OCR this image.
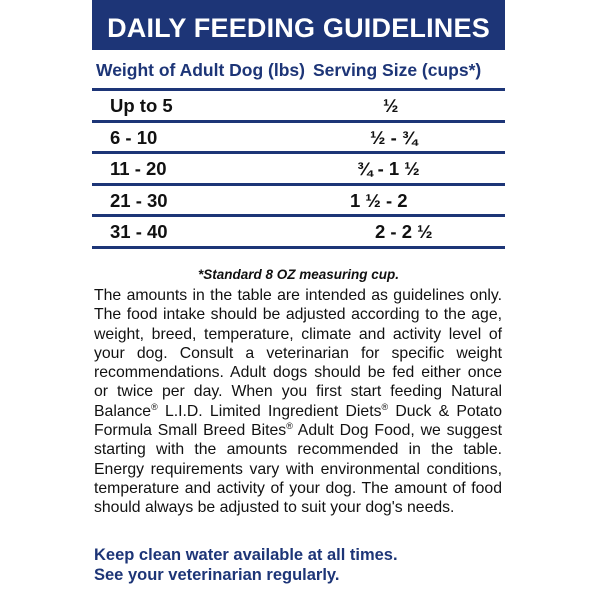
DAILY FEEDING GUIDELINES
Weight of Adult Dog (lbs) Serving Size (cups*)
Up to 5	½
6 - 10	½ - ¾
11 - 20	¾ - 1 ½
21 - 30	1 ½ - 2
31 - 40	2 - 2 ½
*Standard 8 OZ measuring cup.
The amounts in the table are intended as guidelines only. The food intake should be adjusted according to the age, weight, breed, temperature, climate and activity level of your dog. Consult a veterinarian for specific weight recommendations. Adult dogs should be fed either once or twice per day. When you first start feeding Natural Balance® L.I.D. Limited Ingredient Diets® Duck & Potato Formula Small Breed Bites® Adult Dog Food, we suggest starting with the amounts recommended in the table. Energy requirements vary with environmental conditions, temperature and activity of your dog. The amount of food should always be adjusted to suit your dog's needs.
Keep clean water available at all times.
See your veterinarian regularly.
